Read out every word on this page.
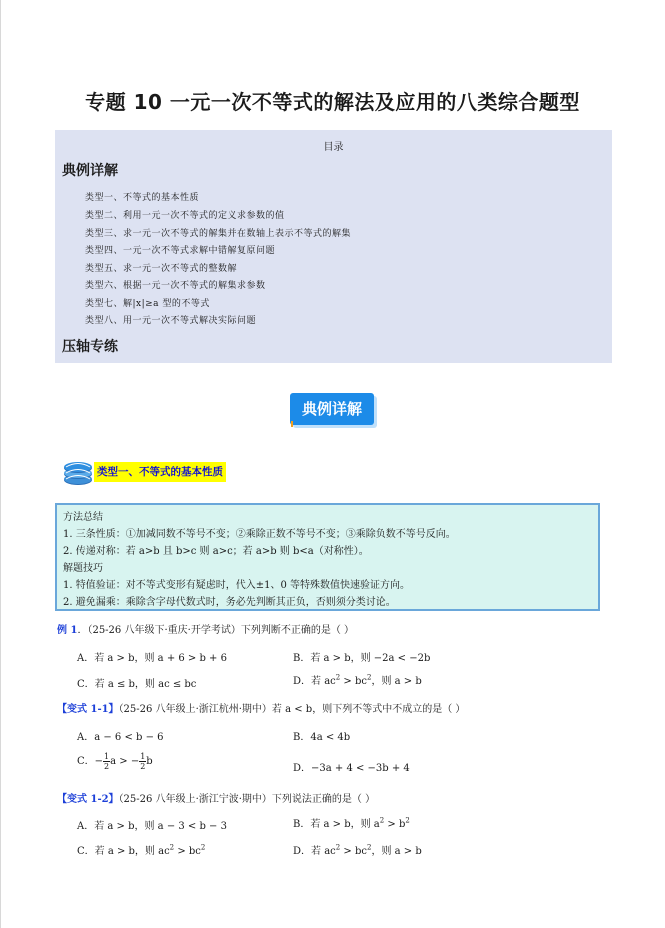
专题 10 一元一次不等式的解法及应用的八类综合题型
目录
典例详解
类型一、不等式的基本性质
类型二、利用一元一次不等式的定义求参数的值
类型三、求一元一次不等式的解集并在数轴上表示不等式的解集
类型四、一元一次不等式求解中错解复原问题
类型五、求一元一次不等式的整数解
类型六、根据一元一次不等式的解集求参数
类型七、解|x|≥a 型的不等式
类型八、用一元一次不等式解决实际问题
压轴专练
典例详解
类型一、不等式的基本性质
方法总结
1. 三条性质：①加减同数不等号不变；②乘除正数不等号不变；③乘除负数不等号反向。
2. 传递对称：若 a>b 且 b>c 则 a>c；若 a>b 则 b<a（对称性）。
解题技巧
1. 特值验证：对不等式变形有疑虑时，代入±1、0 等特殊数值快速验证方向。
2. 避免漏乘：乘除含字母代数式时，务必先判断其正负，否则须分类讨论。
例 1．（25-26 八年级下·重庆·开学考试）下列判断不正确的是（ ）
A．若 a > b，则 a + 6 > b + 6	B．若 a > b，则 −2a < −2b
C．若 a ≤ b，则 ac ≤ bc	D．若 $ac^2 > bc^2$，则 a > b
【变式 1-1】（25-26 八年级上·浙江杭州·期中）若 a < b，则下列不等式中不成立的是（ ）
A．a − 6 < b − 6	B．4a < 4b
C．− $\frac{1}{2}$ a > − $\frac{1}{2}$ b
D．−3a + 4 < −3b + 4
【变式 1-2】（25-26 八年级上·浙江宁波·期中）下列说法正确的是（ ）
A．若 a > b，则 a − 3 < b − 3	B．若 a > b，则 $a^2 > b^2$
C．若 a > b，则 $ac^2 > bc^2$	D．若 $ac^2 > bc^2$，则 a > b
